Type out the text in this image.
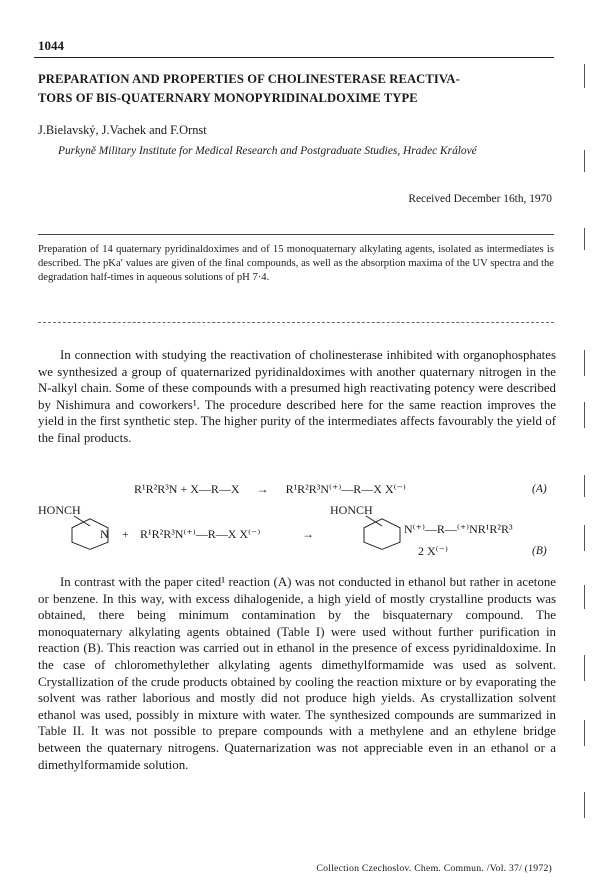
1044
PREPARATION AND PROPERTIES OF CHOLINESTERASE REACTIVA-
TORS OF BIS-QUATERNARY MONOPYRIDINALDOXIME TYPE
J.Bielavský, J.Vachek and F.Ornst
Purkyně Military Institute for Medical Research and Postgraduate Studies, Hradec Králové
Received December 16th, 1970
Preparation of 14 quaternary pyridinaldoximes and of 15 monoquaternary alkylating agents, isolated as intermediates is described. The pKa′ values are given of the final compounds, as well as the absorption maxima of the UV spectra and the degradation half-times in aqueous solutions of pH 7·4.
In connection with studying the reactivation of cholinesterase inhibited with organophosphates we synthesized a group of quaternarized pyridinaldoximes with another quaternary nitrogen in the N-alkyl chain. Some of these compounds with a presumed high reactivating potency were described by Nishimura and coworkers¹. The procedure described here for the same reaction improves the yield in the first synthetic step. The higher purity of the intermediates affects favourably the yield of the final products.
R¹R²R³N + X—R—X → R¹R²R³N⁽⁺⁾—R—X X⁽⁻⁾	(A)
HONCH
N + R¹R²R³N⁽⁺⁾—R—X X⁽⁻⁾	→
HONCH
N⁽⁺⁾—R—⁽⁺⁾NR¹R²R³
2 X⁽⁻⁾	(B)
In contrast with the paper cited¹ reaction (A) was not conducted in ethanol but rather in acetone or benzene. In this way, with excess dihalogenide, a high yield of mostly crystalline products was obtained, there being minimum contamination by the bisquaternary compound. The monoquaternary alkylating agents obtained (Table I) were used without further purification in reaction (B). This reaction was carried out in ethanol in the presence of excess pyridinaldoxime. In the case of chloromethylether alkylating agents dimethylformamide was used as solvent. Crystallization of the crude products obtained by cooling the reaction mixture or by evaporating the solvent was rather laborious and mostly did not produce high yields. As crystallization solvent ethanol was used, possibly in mixture with water. The synthesized compounds are summarized in Table II. It was not possible to prepare compounds with a methylene and an ethylene bridge between the quaternary nitrogens. Quaternarization was not appreciable even in an ethanol or a dimethylformamide solution.
Collection Czechoslov. Chem. Commun. /Vol. 37/ (1972)
